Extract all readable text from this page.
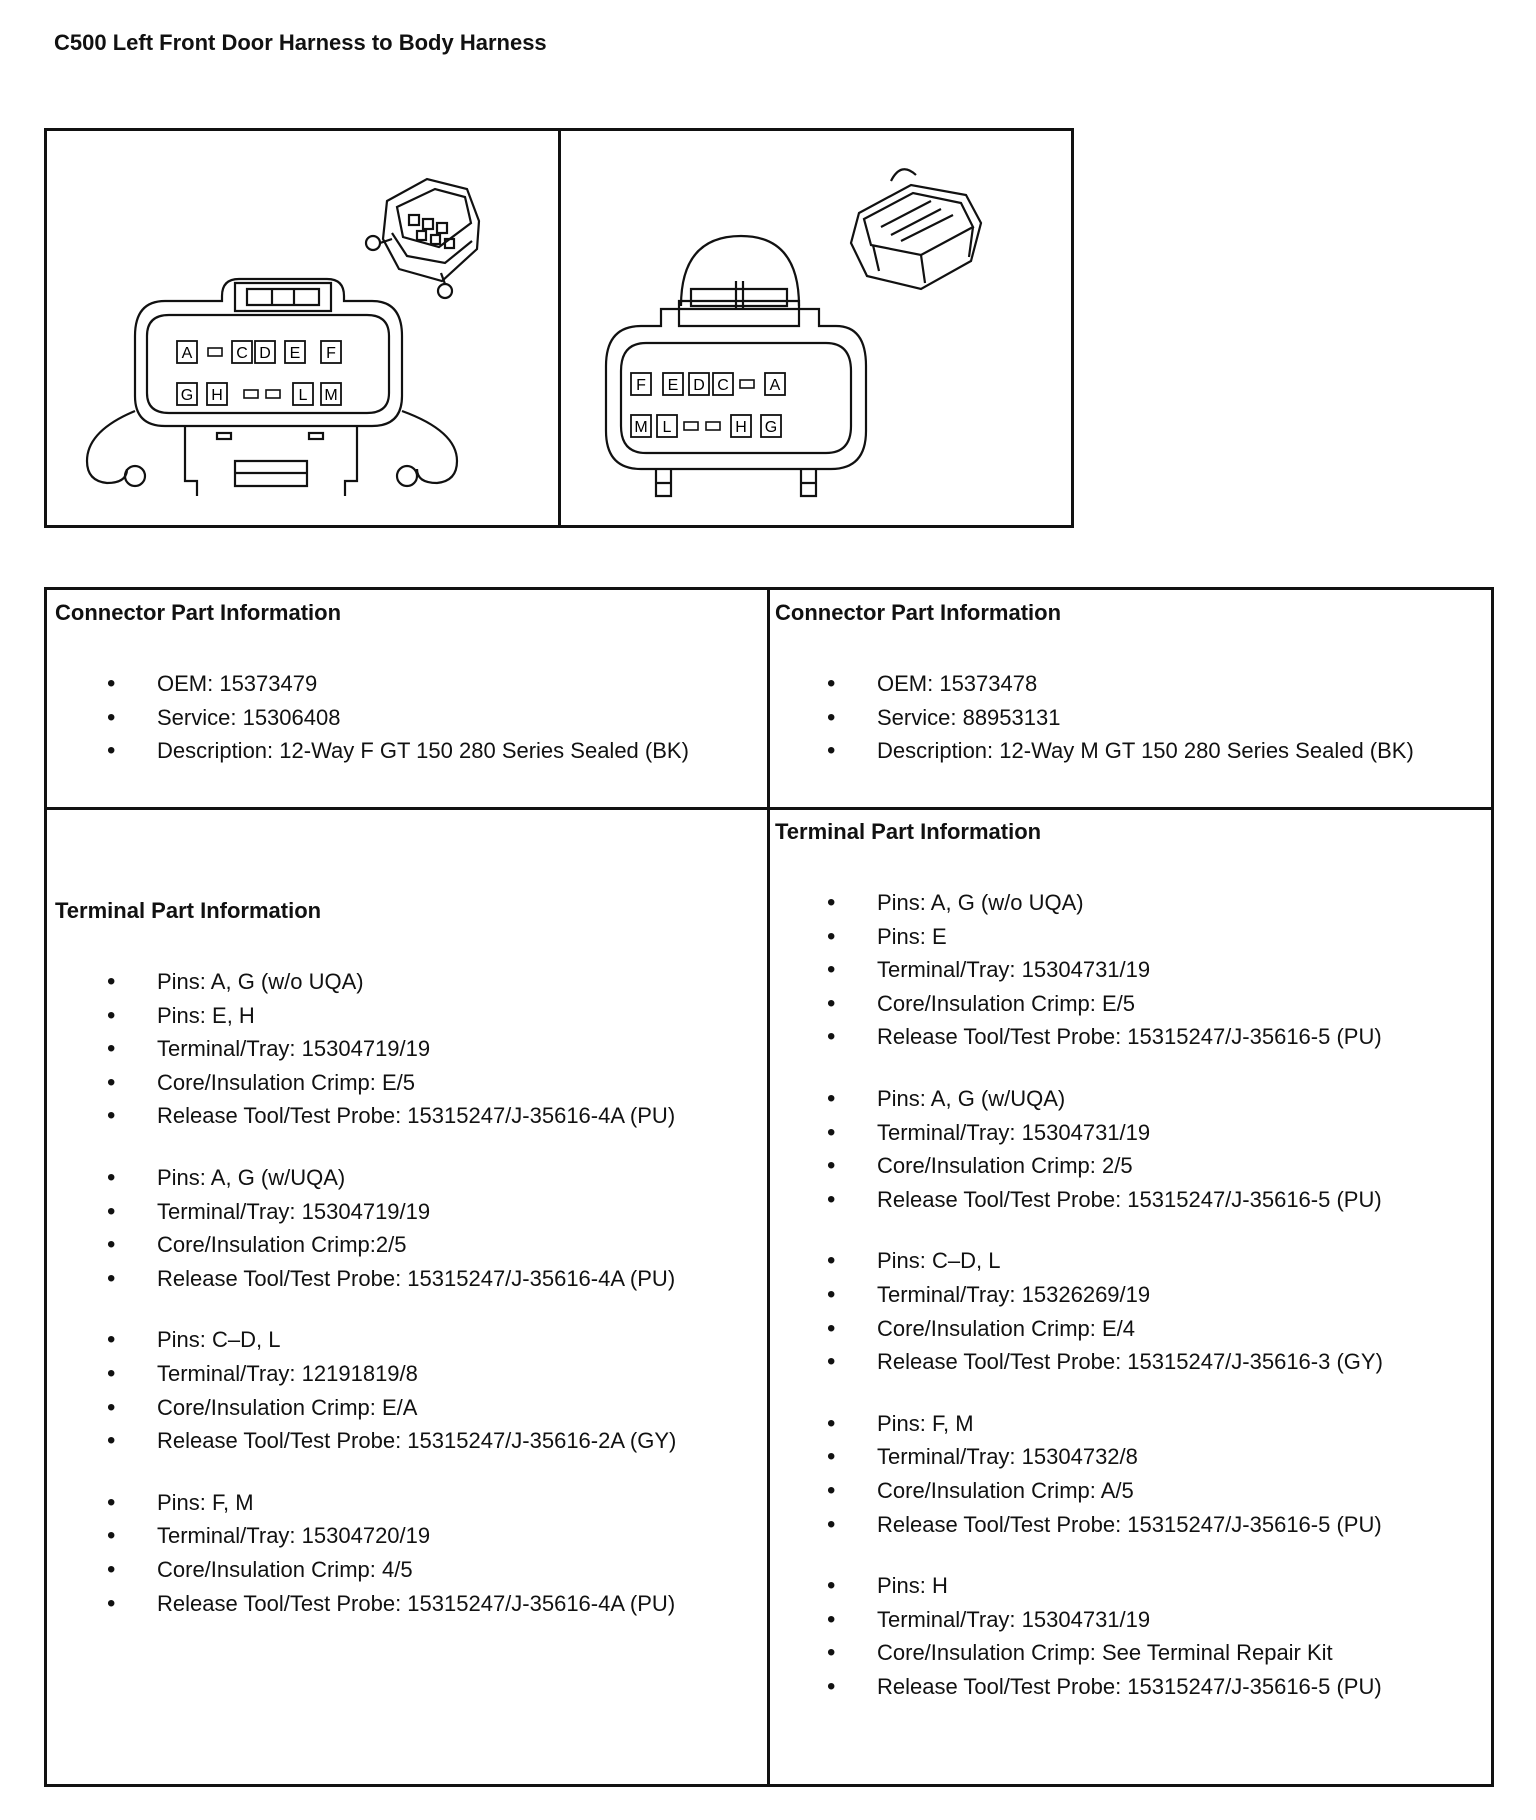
C500 Left Front Door Harness to Body Harness
A	C D E F
G H	L M
F E D C	A
M L	H G

Connector Part Information

• OEM: 15373479
• Service: 15306408
• Description: 12-Way F GT 150 280 Series Sealed (BK)

Connector Part Information

• OEM: 15373478
• Service: 88953131
• Description: 12-Way M GT 150 280 Series Sealed (BK)

Terminal Part Information

• Pins: A, G (w/o UQA)
• Pins: E, H
• Terminal/Tray: 15304719/19
• Core/Insulation Crimp: E/5
• Release Tool/Test Probe: 15315247/J-35616-4A (PU)
• Pins: A, G (w/UQA)
• Terminal/Tray: 15304719/19
• Core/Insulation Crimp:2/5
• Release Tool/Test Probe: 15315247/J-35616-4A (PU)
• Pins: C–D, L
• Terminal/Tray: 12191819/8
• Core/Insulation Crimp: E/A
• Release Tool/Test Probe: 15315247/J-35616-2A (GY)
• Pins: F, M
• Terminal/Tray: 15304720/19
• Core/Insulation Crimp: 4/5
• Release Tool/Test Probe: 15315247/J-35616-4A (PU)

Terminal Part Information

• Pins: A, G (w/o UQA)
• Pins: E
• Terminal/Tray: 15304731/19
• Core/Insulation Crimp: E/5
• Release Tool/Test Probe: 15315247/J-35616-5 (PU)
• Pins: A, G (w/UQA)
• Terminal/Tray: 15304731/19
• Core/Insulation Crimp: 2/5
• Release Tool/Test Probe: 15315247/J-35616-5 (PU)
• Pins: C–D, L
• Terminal/Tray: 15326269/19
• Core/Insulation Crimp: E/4
• Release Tool/Test Probe: 15315247/J-35616-3 (GY)
• Pins: F, M
• Terminal/Tray: 15304732/8
• Core/Insulation Crimp: A/5
• Release Tool/Test Probe: 15315247/J-35616-5 (PU)
• Pins: H
• Terminal/Tray: 15304731/19
• Core/Insulation Crimp: See Terminal Repair Kit
• Release Tool/Test Probe: 15315247/J-35616-5 (PU)
